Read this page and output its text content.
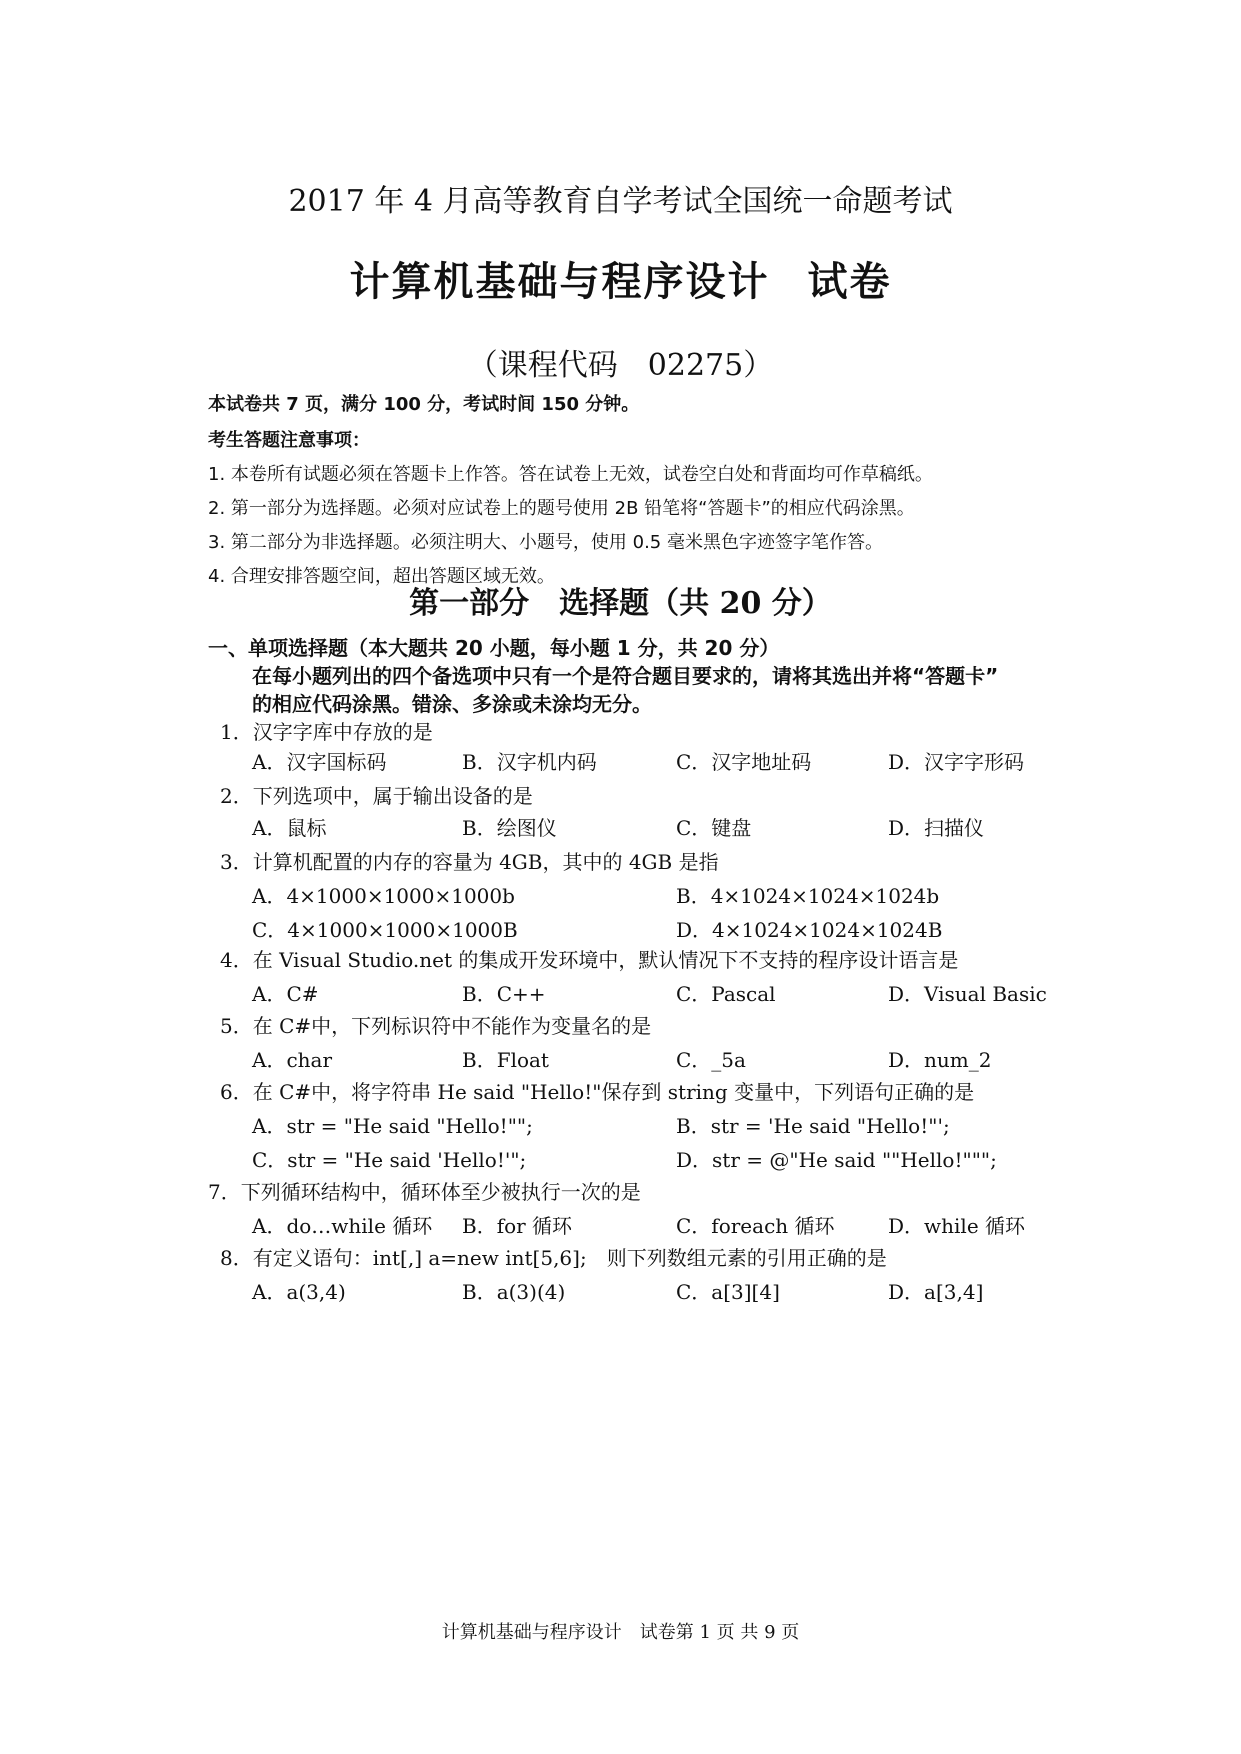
2017 年 4 月高等教育自学考试全国统一命题考试
计算机基础与程序设计 试卷
（课程代码　02275）
本试卷共 7 页，满分 100 分，考试时间 150 分钟。
考生答题注意事项：
1. 本卷所有试题必须在答题卡上作答。答在试卷上无效，试卷空白处和背面均可作草稿纸。
2. 第一部分为选择题。必须对应试卷上的题号使用 2B 铅笔将“答题卡”的相应代码涂黑。
3. 第二部分为非选择题。必须注明大、小题号，使用 0.5 毫米黑色字迹签字笔作答。
4. 合理安排答题空间，超出答题区域无效。
第一部分　选择题（共 20 分）
一、单项选择题（本大题共 20 小题，每小题 1 分，共 20 分）
在每小题列出的四个备选项中只有一个是符合题目要求的，请将其选出并将“答题卡”
的相应代码涂黑。错涂、多涂或未涂均无分。
1．汉字字库中存放的是
A．汉字国标码	B．汉字机内码	C．汉字地址码	D．汉字字形码
2．下列选项中，属于输出设备的是
A．鼠标	B．绘图仪	C．键盘	D．扫描仪
3．计算机配置的内存的容量为 4GB，其中的 4GB 是指
A．4×1000×1000×1000b	B．4×1024×1024×1024b
C．4×1000×1000×1000B	D．4×1024×1024×1024B
4．在 Visual Studio.net 的集成开发环境中，默认情况下不支持的程序设计语言是
A．C#	B．C++	C．Pascal	D．Visual Basic
5．在 C#中，下列标识符中不能作为变量名的是
A．char	B．Float	C．_5a	D．num_2
6．在 C#中，将字符串 He said "Hello!"保存到 string 变量中，下列语句正确的是
A．str = "He said "Hello!"";	B．str = 'He said "Hello!"';
C．str = "He said 'Hello!'";	D．str = @"He said ""Hello!""";
7．下列循环结构中，循环体至少被执行一次的是
A．do…while 循环 B．for 循环	C．foreach 循环	D．while 循环
8．有定义语句：int[,] a=new int[5,6];　则下列数组元素的引用正确的是
A．a(3,4)	B．a(3)(4)	C．a[3][4]	D．a[3,4]
计算机基础与程序设计　试卷第 1 页 共 9 页
